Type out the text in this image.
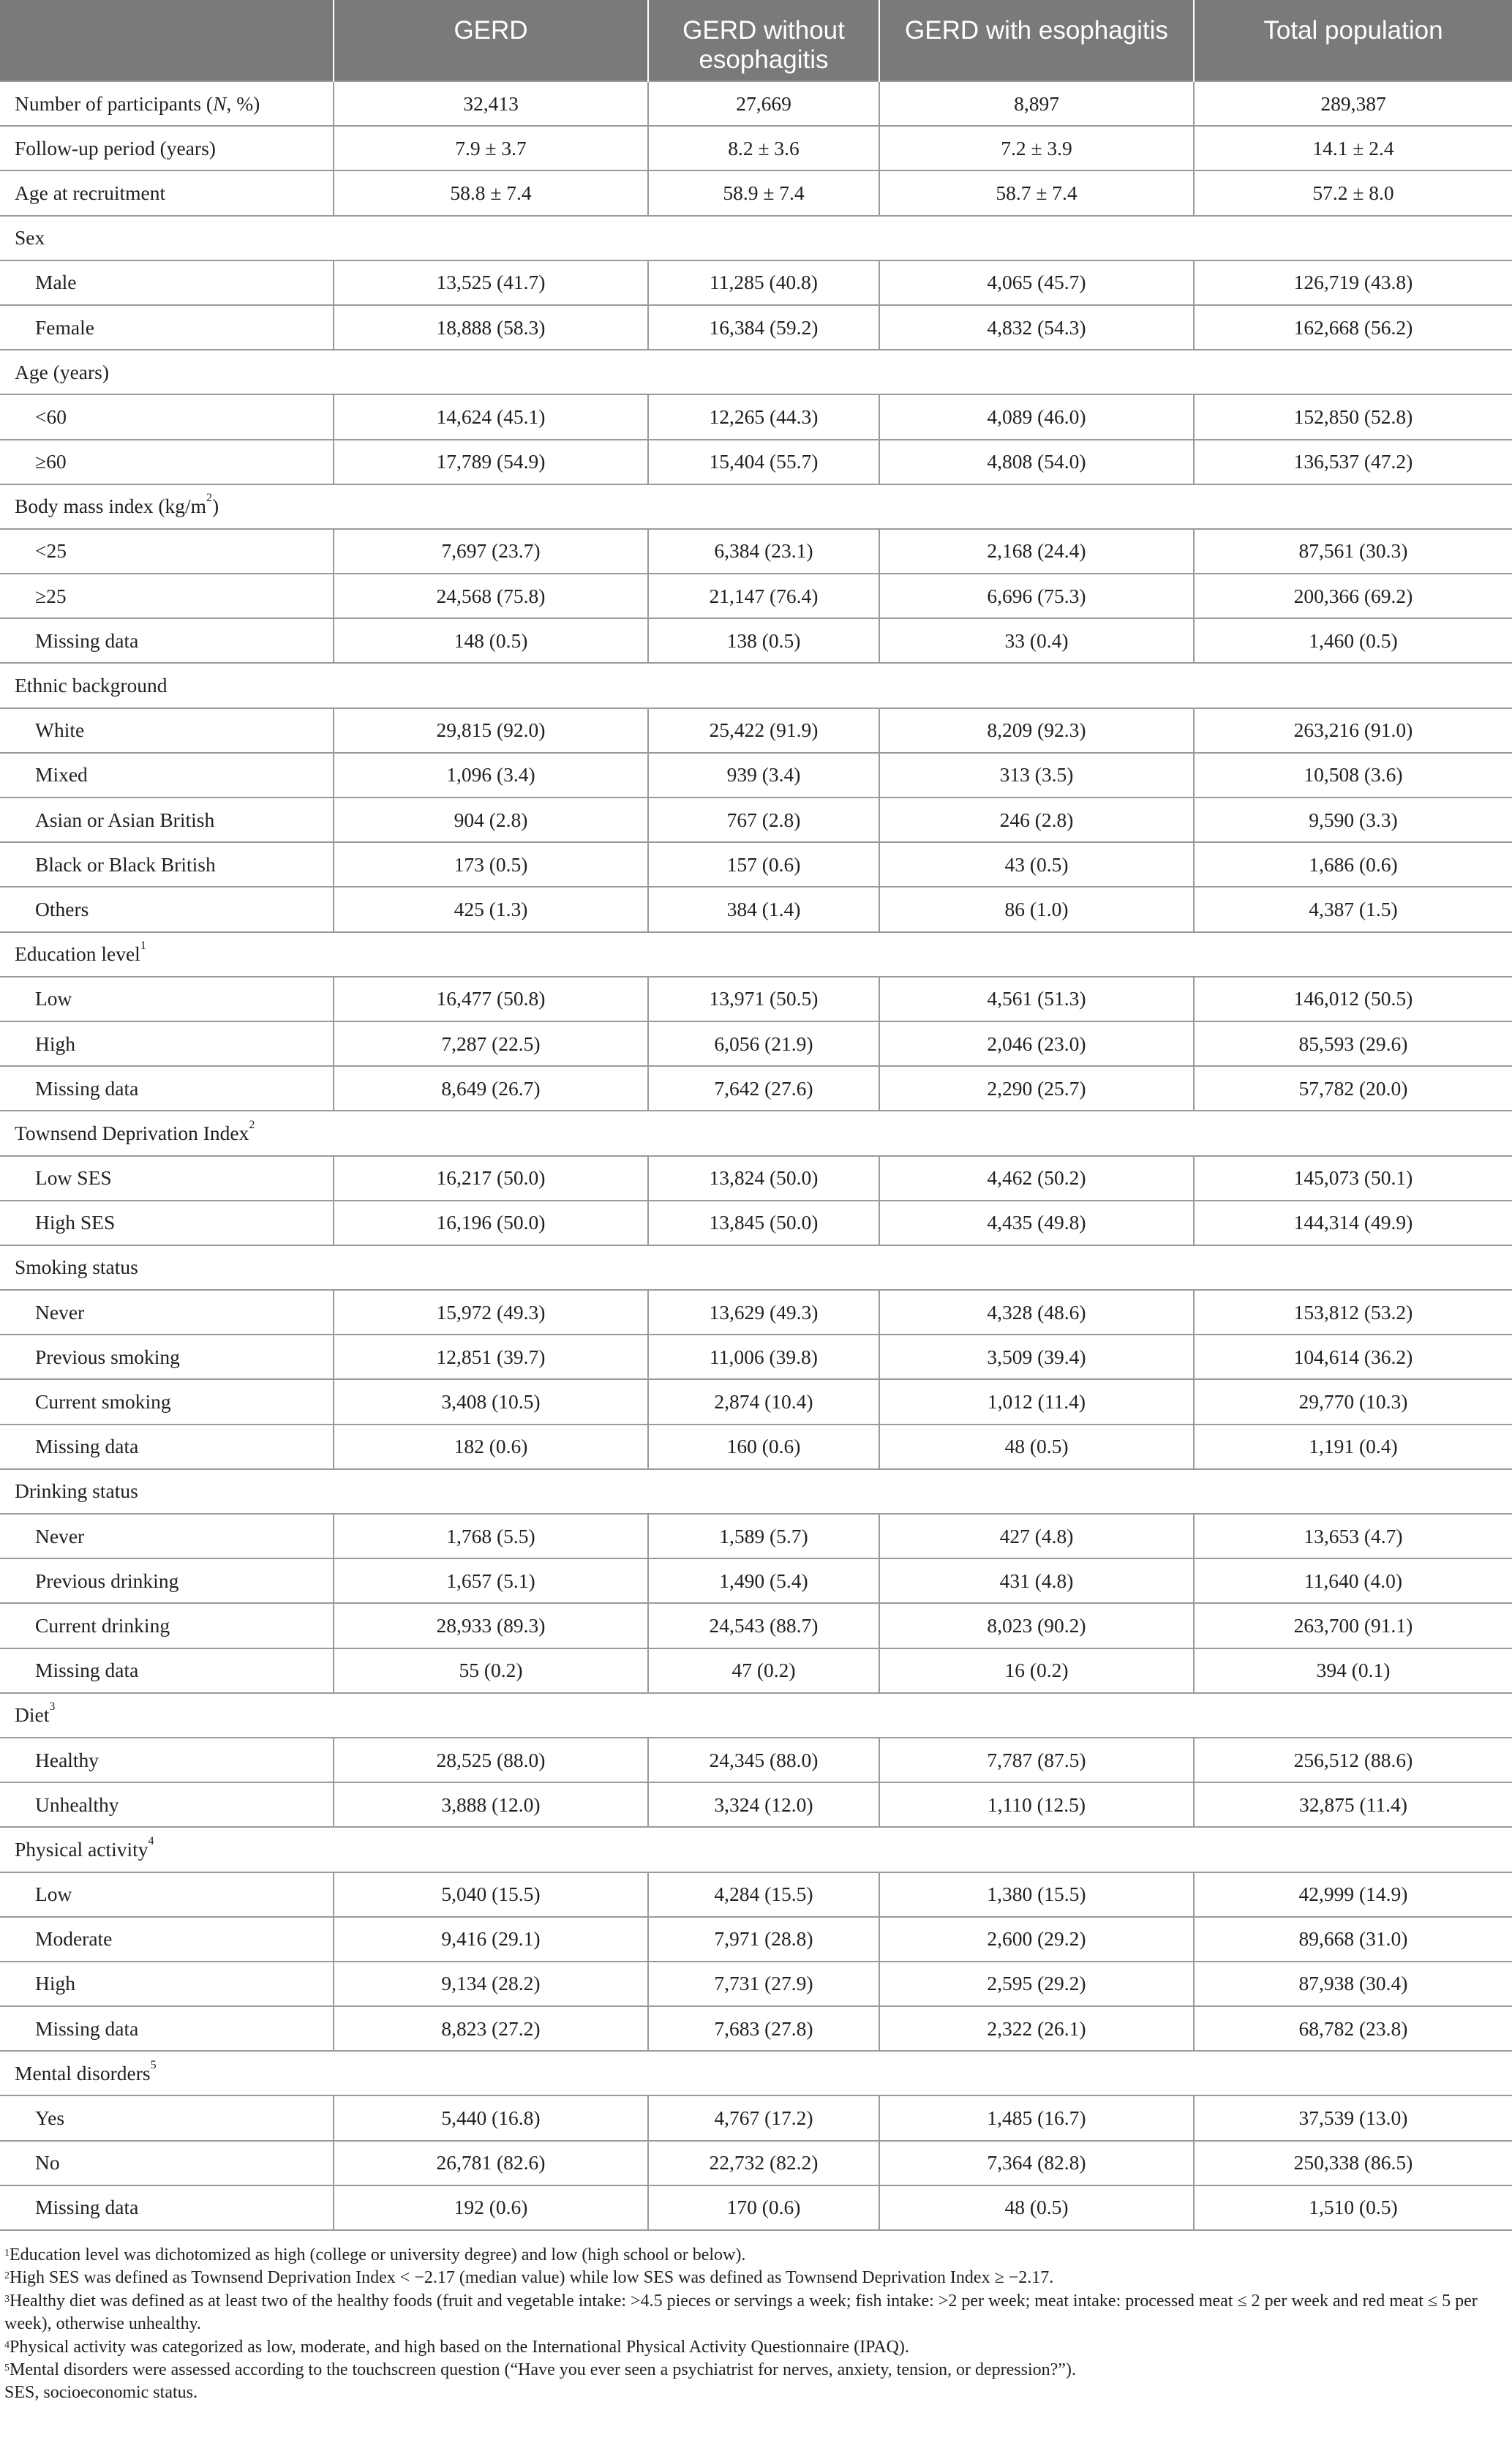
	GERD	GERD without esophagitis	GERD with esophagitis	Total population
Number of participants (N, %)	32,413	27,669	8,897	289,387
Follow-up period (years)	7.9 ± 3.7	8.2 ± 3.6	7.2 ± 3.9	14.1 ± 2.4
Age at recruitment	58.8 ± 7.4	58.9 ± 7.4	58.7 ± 7.4	57.2 ± 8.0
Sex				
Male	13,525 (41.7)	11,285 (40.8)	4,065 (45.7)	126,719 (43.8)
Female	18,888 (58.3)	16,384 (59.2)	4,832 (54.3)	162,668 (56.2)
Age (years)				
<60	14,624 (45.1)	12,265 (44.3)	4,089 (46.0)	152,850 (52.8)
≥60	17,789 (54.9)	15,404 (55.7)	4,808 (54.0)	136,537 (47.2)
Body mass index $(kg/m^2)$				
<25	7,697 (23.7)	6,384 (23.1)	2,168 (24.4)	87,561 (30.3)
≥25	24,568 (75.8)	21,147 (76.4)	6,696 (75.3)	200,366 (69.2)
Missing data	148 (0.5)	138 (0.5)	33 (0.4)	1,460 (0.5)
Ethnic background				
White	29,815 (92.0)	25,422 (91.9)	8,209 (92.3)	263,216 (91.0)
Mixed	1,096 (3.4)	939 (3.4)	313 (3.5)	10,508 (3.6)
Asian or Asian British	904 (2.8)	767 (2.8)	246 (2.8)	9,590 (3.3)
Black or Black British	173 (0.5)	157 (0.6)	43 (0.5)	1,686 (0.6)
Others	425 (1.3)	384 (1.4)	86 (1.0)	4,387 (1.5)
Education level$^1$	
Low	16,477 (50.8)	13,971 (50.5)	4,561 (51.3)	146,012 (50.5)
High	7,287 (22.5)	6,056 (21.9)	2,046 (23.0)	85,593 (29.6)
Missing data	8,649 (26.7)	7,642 (27.6)	2,290 (25.7)	57,782 (20.0)
Townsend Deprivation Index$^2$	
Low SES	16,217 (50.0)	13,824 (50.0)	4,462 (50.2)	145,073 (50.1)
High SES	16,196 (50.0)	13,845 (50.0)	4,435 (49.8)	144,314 (49.9)
Smoking status				
Never	15,972 (49.3)	13,629 (49.3)	4,328 (48.6)	153,812 (53.2)
Previous smoking	12,851 (39.7)	11,006 (39.8)	3,509 (39.4)	104,614 (36.2)
Current smoking	3,408 (10.5)	2,874 (10.4)	1,012 (11.4)	29,770 (10.3)
Missing data	182 (0.6)	160 (0.6)	48 (0.5)	1,191 (0.4)
Drinking status				
Never	1,768 (5.5)	1,589 (5.7)	427 (4.8)	13,653 (4.7)
Previous drinking	1,657 (5.1)	1,490 (5.4)	431 (4.8)	11,640 (4.0)
Current drinking	28,933 (89.3)	24,543 (88.7)	8,023 (90.2)	263,700 (91.1)
Missing data	55 (0.2)	47 (0.2)	16 (0.2)	394 (0.1)
Diet$^3$	
Healthy	28,525 (88.0)	24,345 (88.0)	7,787 (87.5)	256,512 (88.6)
Unhealthy	3,888 (12.0)	3,324 (12.0)	1,110 (12.5)	32,875 (11.4)
Physical activity$^4$	
Low	5,040 (15.5)	4,284 (15.5)	1,380 (15.5)	42,999 (14.9)
Moderate	9,416 (29.1)	7,971 (28.8)	2,600 (29.2)	89,668 (31.0)
High	9,134 (28.2)	7,731 (27.9)	2,595 (29.2)	87,938 (30.4)
Missing data	8,823 (27.2)	7,683 (27.8)	2,322 (26.1)	68,782 (23.8)
Mental disorders$^5$	
Yes	5,440 (16.8)	4,767 (17.2)	1,485 (16.7)	37,539 (13.0)
No	26,781 (82.6)	22,732 (82.2)	7,364 (82.8)	250,338 (86.5)
Missing data	192 (0.6)	170 (0.6)	48 (0.5)	1,510 (0.5)

$^1$Education level was dichotomized as high (college or university degree) and low (high school or below).

$^2$High SES was defined as Townsend Deprivation Index < −2.17 (median value) while low SES was defined as Townsend Deprivation Index ≥ −2.17.

$^3$Healthy diet was defined as at least two of the healthy foods (fruit and vegetable intake: >4.5 pieces or servings a week; fish intake: >2 per week; meat intake: processed meat ≤ 2 per week and red meat ≤ 5 per week), otherwise unhealthy.

$^4$Physical activity was categorized as low, moderate, and high based on the International Physical Activity Questionnaire (IPAQ).

$^5$Mental disorders were assessed according to the touchscreen question (“Have you ever seen a psychiatrist for nerves, anxiety, tension, or depression?”).

SES, socioeconomic status.
